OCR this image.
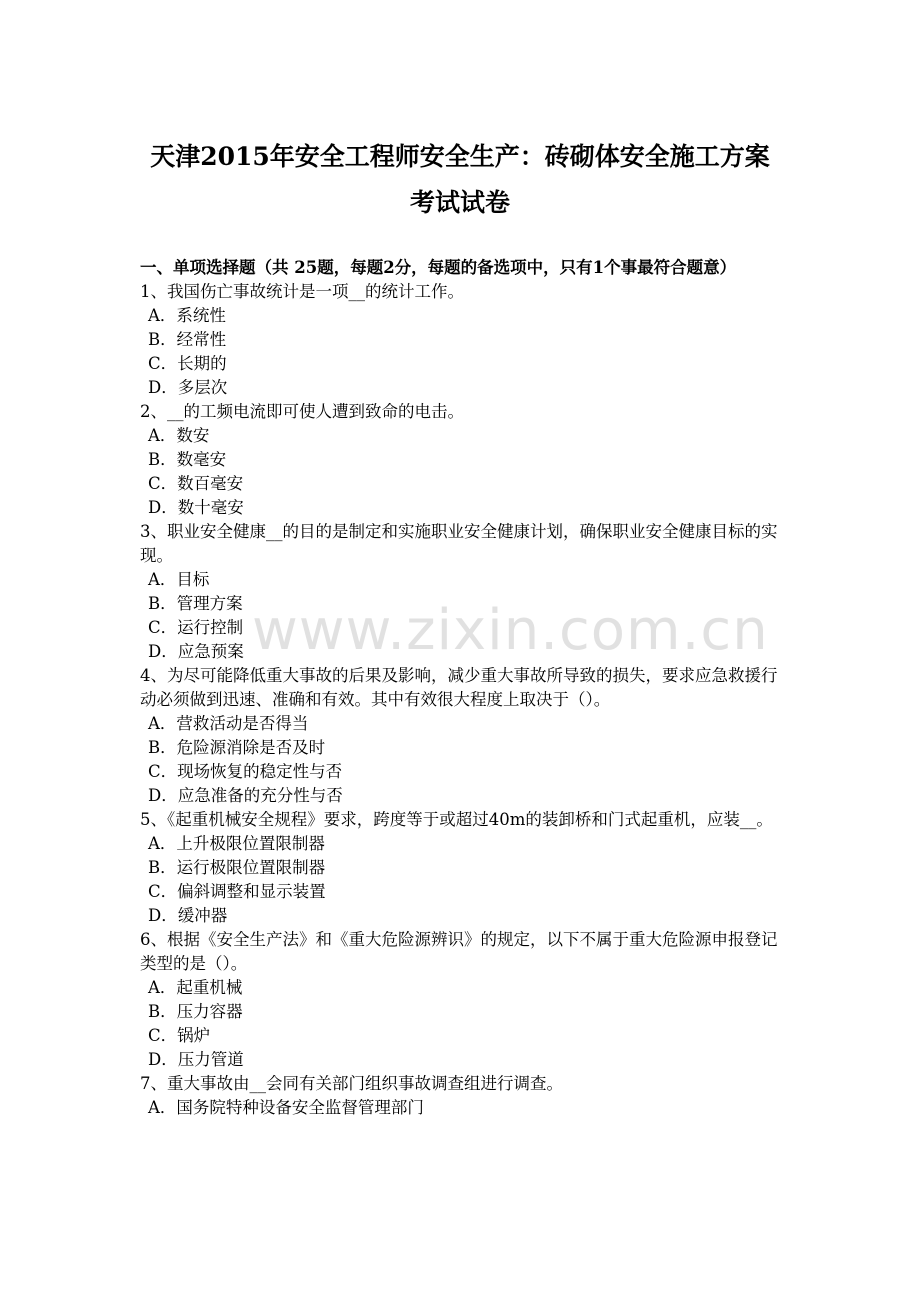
天津2015年安全工程师安全生产：砖砌体安全施工方案
考试试卷
一、单项选择题（共 25题，每题2分，每题的备选项中，只有1个事最符合题意）
1、我国伤亡事故统计是一项__的统计工作。
A．系统性
B．经常性
C．长期的
D．多层次
2、__的工频电流即可使人遭到致命的电击。
A．数安
B．数毫安
C．数百毫安
D．数十毫安
3、职业安全健康__的目的是制定和实施职业安全健康计划，确保职业安全健康目标的实现。
A．目标
B．管理方案
C．运行控制
D．应急预案
4、为尽可能降低重大事故的后果及影响，减少重大事故所导致的损失，要求应急救援行动必须做到迅速、准确和有效。其中有效很大程度上取决于（）。
A．营救活动是否得当
B．危险源消除是否及时
C．现场恢复的稳定性与否
D．应急准备的充分性与否
5、《起重机械安全规程》要求，跨度等于或超过40m的装卸桥和门式起重机，应装__。
A．上升极限位置限制器
B．运行极限位置限制器
C．偏斜调整和显示装置
D．缓冲器
6、根据《安全生产法》和《重大危险源辨识》的规定，以下不属于重大危险源申报登记类型的是（）。
A．起重机械
B．压力容器
C．锅炉
D．压力管道
7、重大事故由__会同有关部门组织事故调查组进行调查。
A．国务院特种设备安全监督管理部门
www.zixin.com.cn
